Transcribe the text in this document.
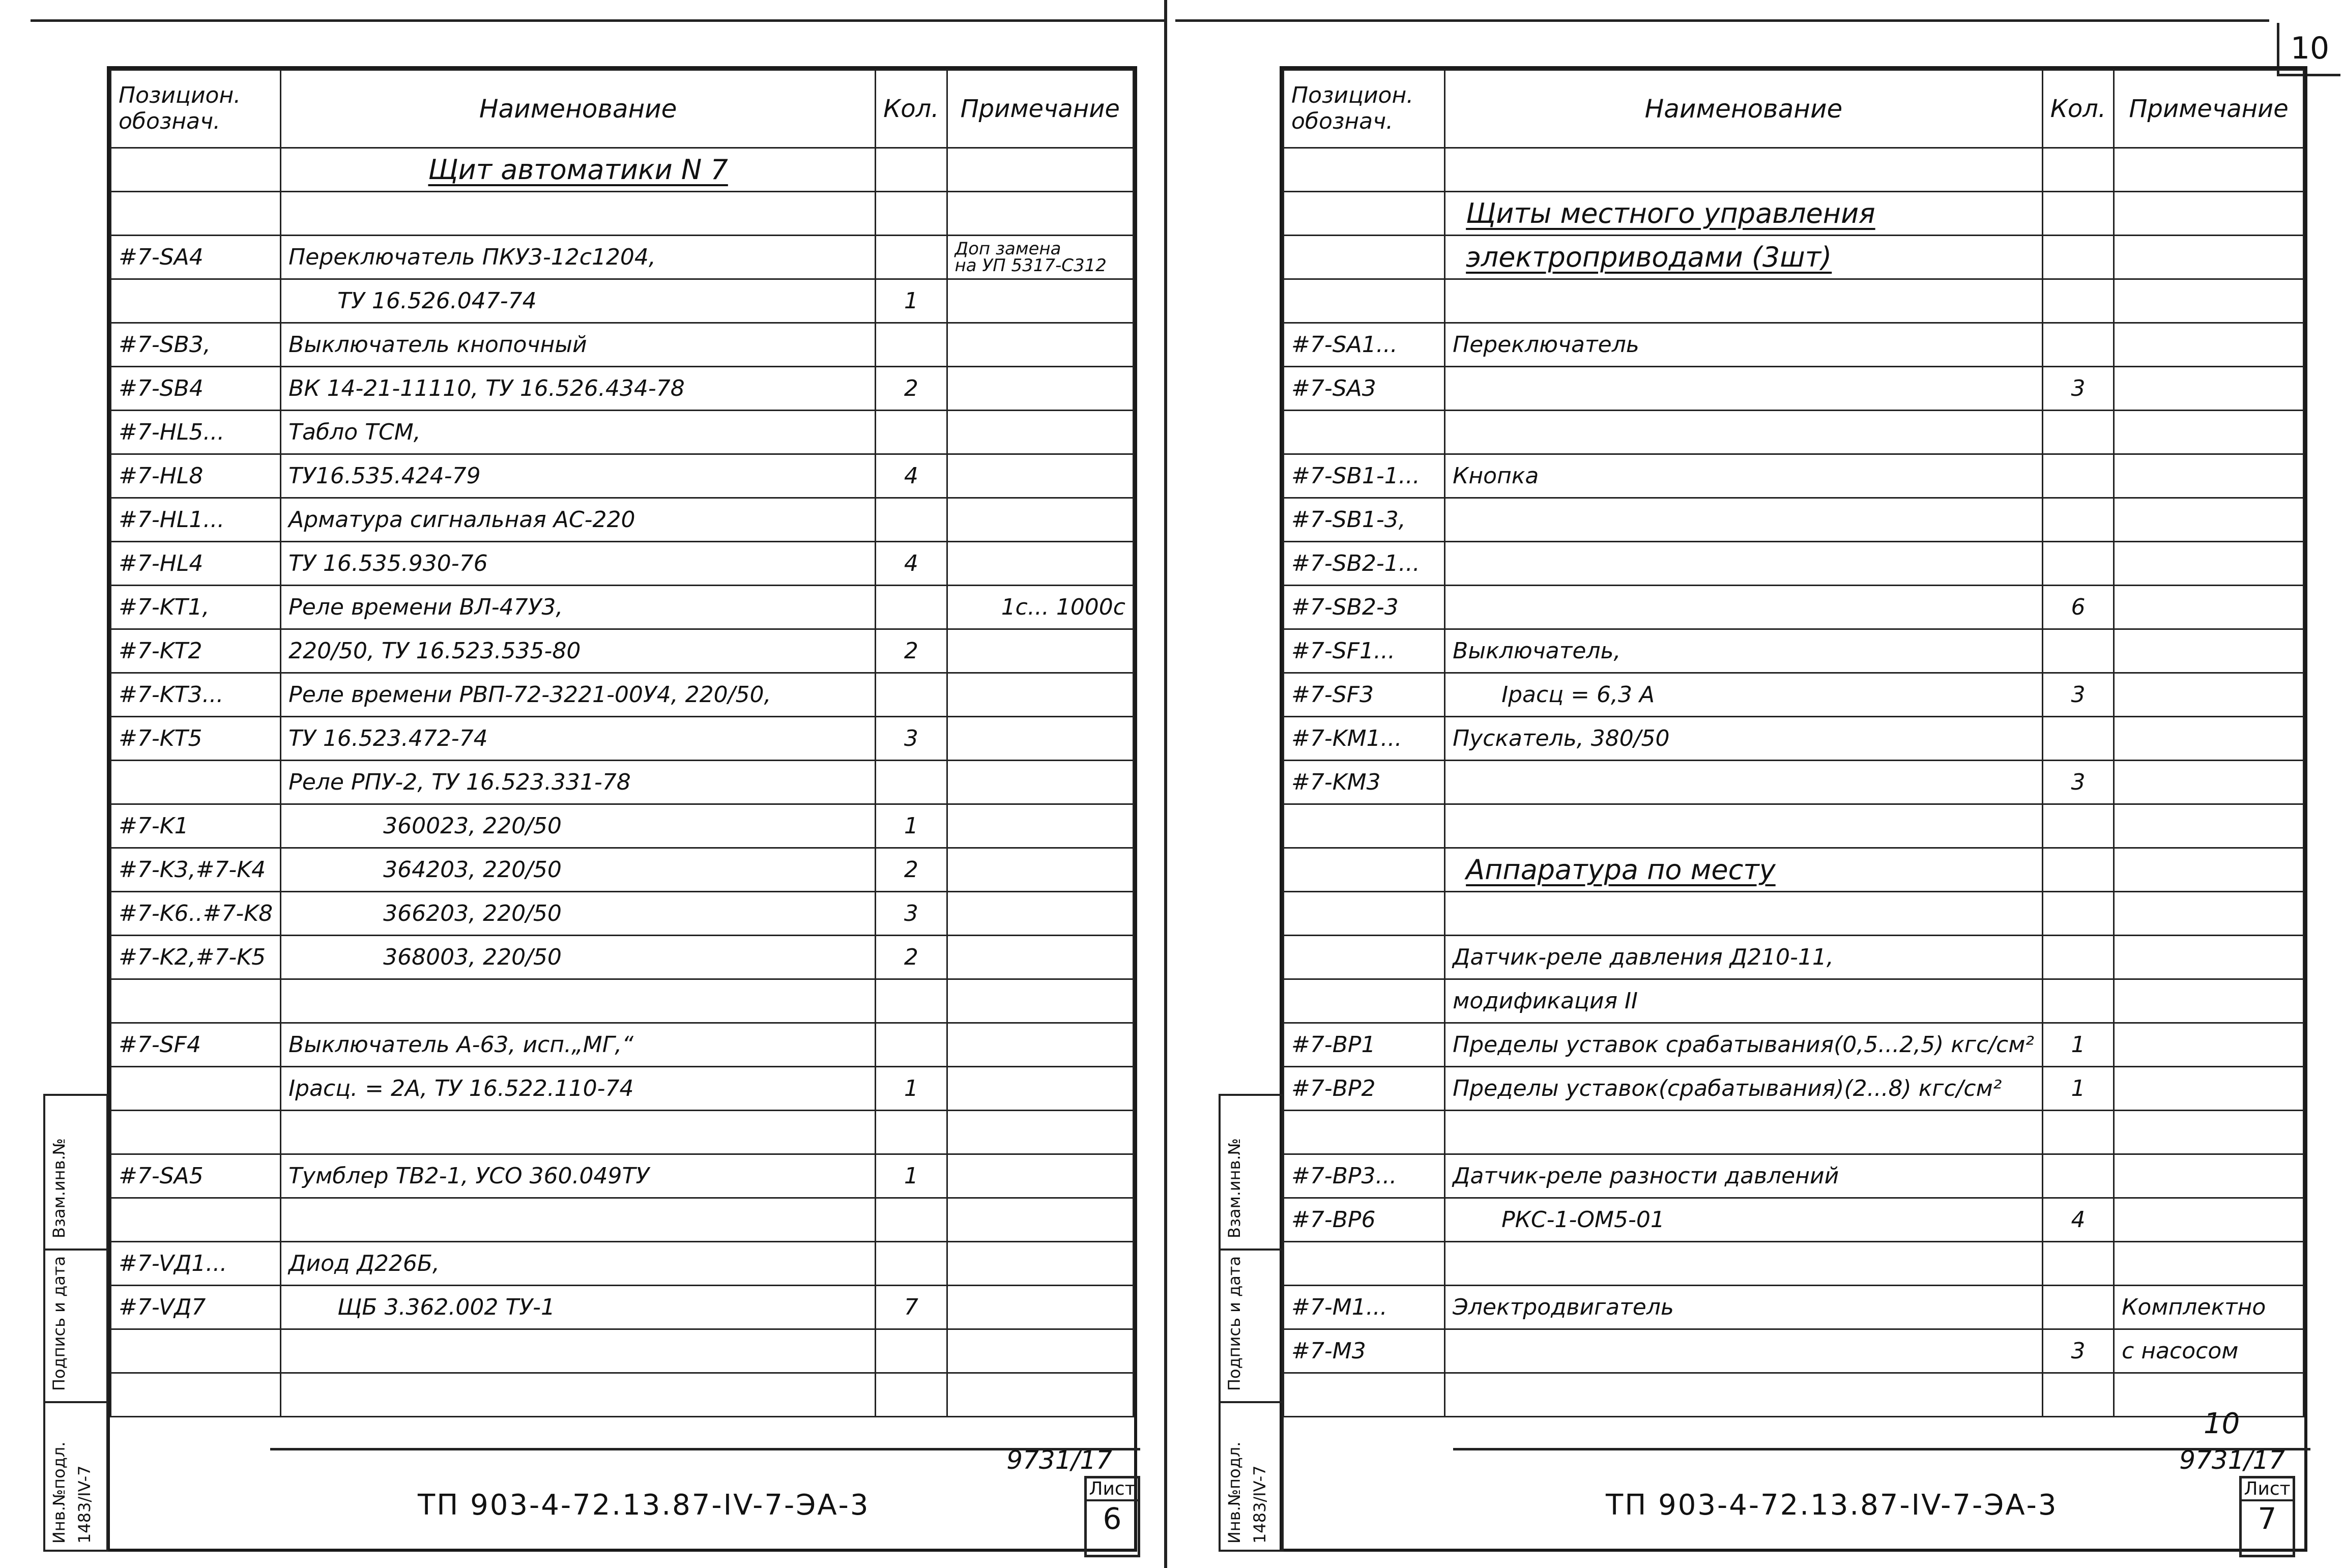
10
Позицион.
обознач.	Наименование	Кол.	Примечание
	Щит автоматики N 7		

#7-SA4	Переключатель ПКУ3-12с1204,		Доп замена
на УП 5317-С312

	ТУ 16.526.047-74	1	
#7-SB3,	Выключатель кнопочный		
#7-SB4	ВК 14-21-11110, ТУ 16.526.434-78	2	
#7-HL5...	Табло ТСМ,		
#7-HL8	ТУ16.535.424-79	4	
#7-HL1...	Арматура сигнальная АС-220		
#7-HL4	ТУ 16.535.930-76	4	
#7-KT1,	Реле времени ВЛ-47У3,		1с... 1000с
#7-KT2	220/50, ТУ 16.523.535-80	2	
#7-KT3...	Реле времени РВП-72-3221-00У4, 220/50,		
#7-KT5	ТУ 16.523.472-74	3	
	Реле РПУ-2, ТУ 16.523.331-78		
#7-K1	360023, 220/50	1	
#7-K3,#7-K4	364203, 220/50	2	
#7-K6..#7-K8	366203, 220/50	3	
#7-K2,#7-K5	368003, 220/50	2	

#7-SF4	Выключатель А-63, исп.„МГ,“		
	Iрасц. = 2А, ТУ 16.522.110-74	1	

#7-SA5	Тумблер ТВ2-1, УСО 360.049ТУ	1	

#7-VД1...	Диод Д226Б,		
#7-VД7	ЩБ 3.362.002 ТУ-1	7	

9731/17
ТП 903-4-72.13.87-IV-7-ЭА-3	Лист
6
Инв.№подл.
Подпись и дата
Взам.инв.№
1483/IV-7
Позицион.
обознач.	Наименование	Кол.	Примечание

	Щиты местного управления		
	электроприводами (3шт)		

#7-SA1...	Переключатель		
#7-SA3		3	

#7-SB1-1...	Кнопка		
#7-SB1-3,			
#7-SB2-1...			
#7-SB2-3		6	
#7-SF1...	Выключатель,		
#7-SF3	Iрасц = 6,3 А	3	
#7-KM1...	Пускатель, 380/50		
#7-KM3		3	

	Аппаратура по месту		

	Датчик-реле давления Д210-11,		
	модификация II		
#7-BP1	Пределы уставок срабатывания(0,5...2,5) кгс/см²	1	
#7-BP2	Пределы уставок(срабатывания)(2...8) кгс/см²	1	

#7-BP3...	Датчик-реле разности давлений		
#7-BP6	РКС-1-ОМ5-01	4	

#7-M1...	Электродвигатель		Комплектно
#7-M3		3	с насосом

10
9731/17
ТП 903-4-72.13.87-IV-7-ЭА-3	Лист
7
Инв.№подл.
Подпись и дата
Взам.инв.№
1483/IV-7
